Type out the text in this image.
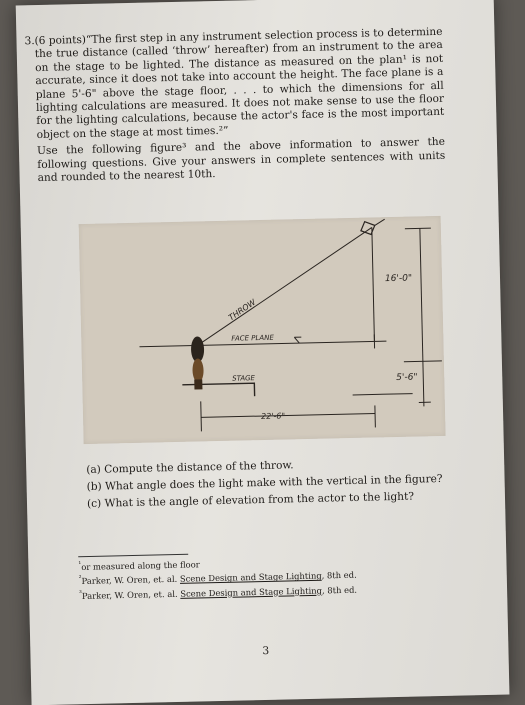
3. (6 points)“The first step in any instrument selection process is to determine the true distance (called ‘throw’ hereafter) from an instrument to the area on the stage to be lighted. The distance as measured on the plan¹ is not accurate, since it does not take into account the height. The face plane is a plane 5'-6" above the stage floor, . . . to which the dimensions for all lighting calculations are measured. It does not make sense to use the floor for the lighting calculations, because the actor's face is the most important object on the stage at most times.²”

Use the following figure³ and the above information to answer the following questions. Give your answers in complete sentences with units and rounded to the nearest 10th.

THROW
FACE PLANE
STAGE
16'-0"
5'-6"
22'-6"

(a) Compute the distance of the throw.

(b) What angle does the light make with the vertical in the figure?

(c) What is the angle of elevation from the actor to the light?

$^{^1}$or measured along the floor

$^{^2}$Parker, W. Oren, et. al. Scene Design and Stage Lighting, 8th ed.

$^{^3}$Parker, W. Oren, et. al. Scene Design and Stage Lighting, 8th ed.

3
